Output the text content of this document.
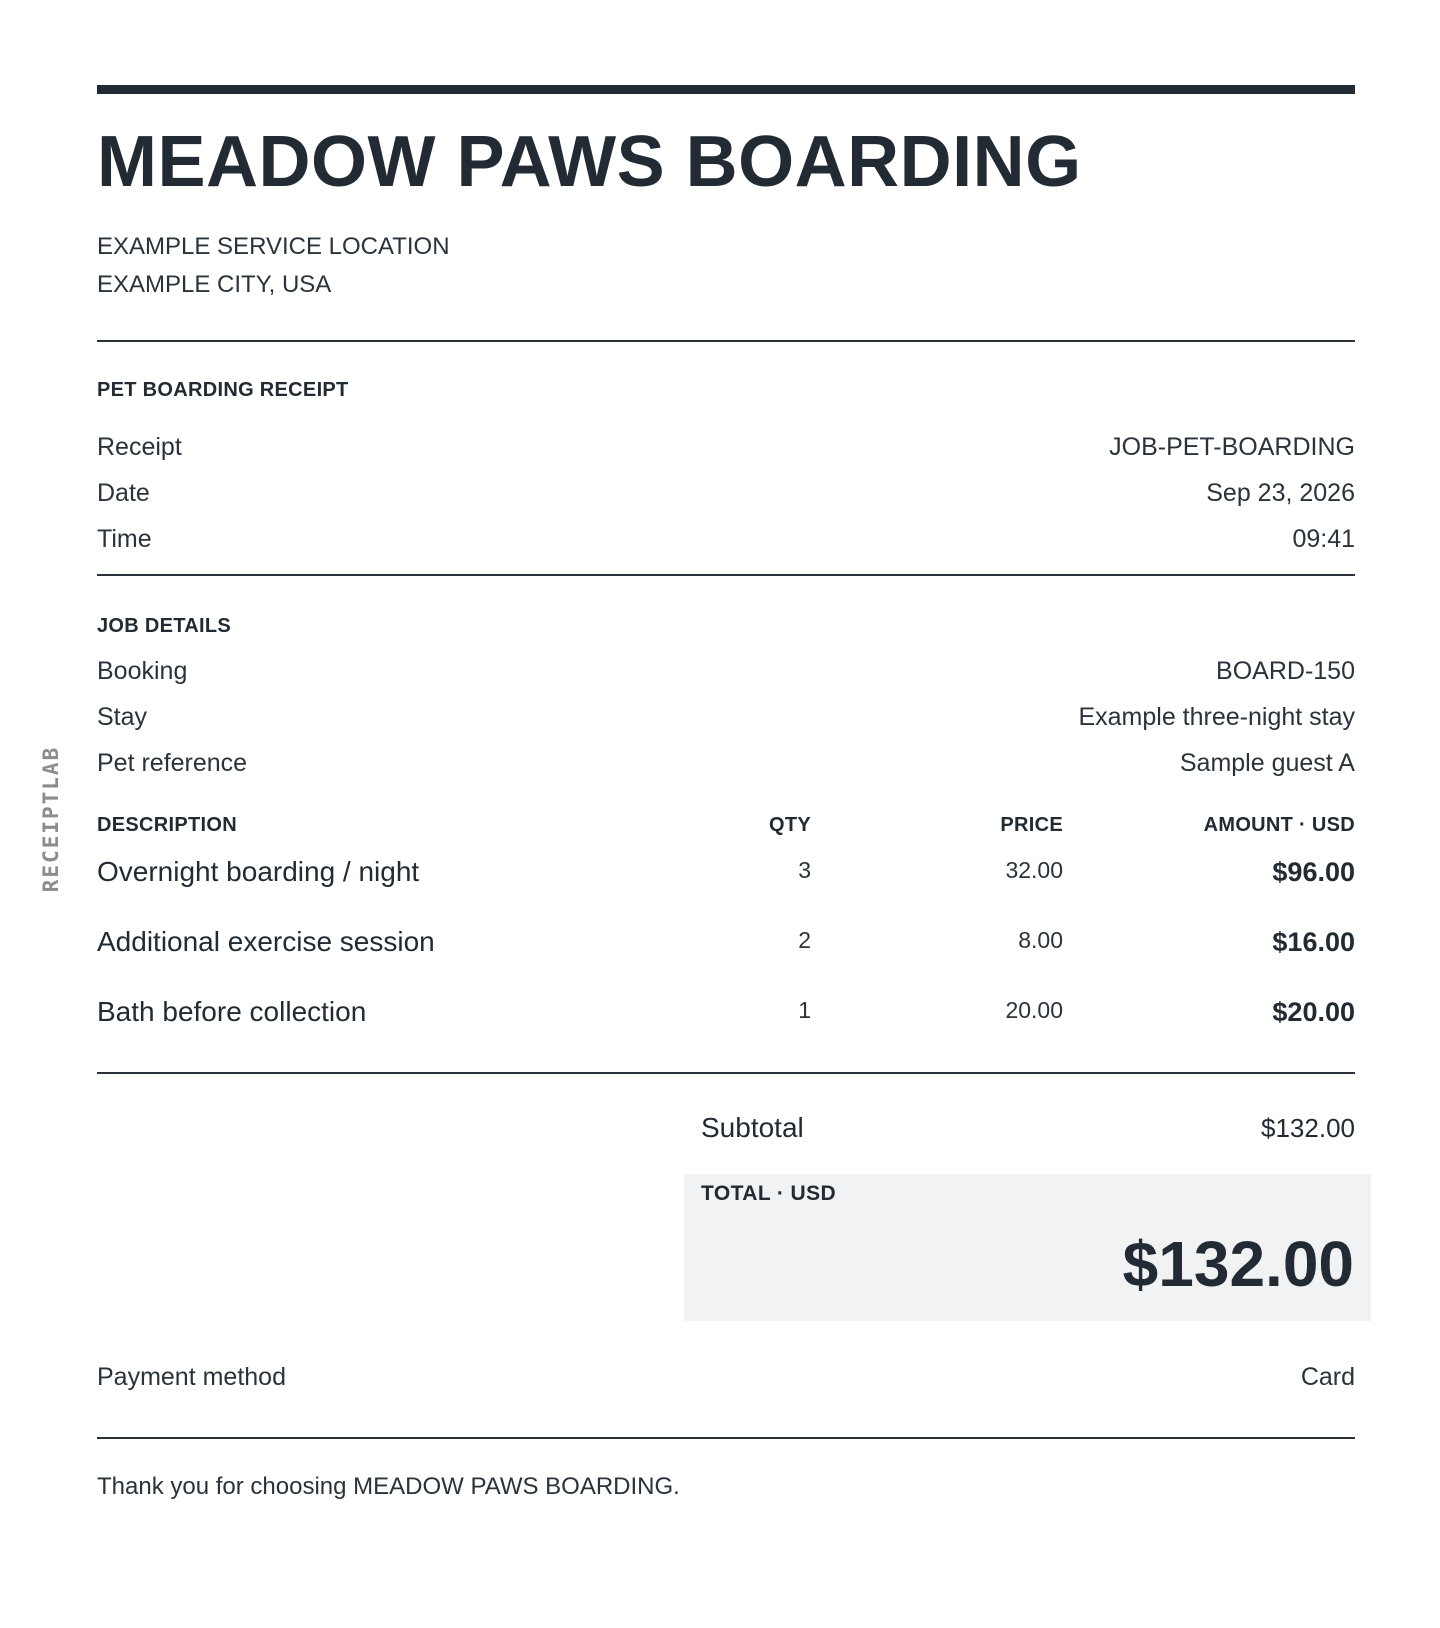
RECEIPTLAB
MEADOW PAWS BOARDING
EXAMPLE SERVICE LOCATION
EXAMPLE CITY, USA
PET BOARDING RECEIPT
Receipt	JOB-PET-BOARDING
Date	Sep 23, 2026
Time	09:41
JOB DETAILS
Booking	BOARD-150
Stay	Example three-night stay
Pet reference	Sample guest A
DESCRIPTION	QTY	PRICE	AMOUNT · USD
Overnight boarding / night	3	32.00	$96.00
Additional exercise session	2	8.00	$16.00
Bath before collection	1	20.00	$20.00
Subtotal	$132.00
TOTAL · USD
$132.00
Payment method	Card
Thank you for choosing MEADOW PAWS BOARDING.
